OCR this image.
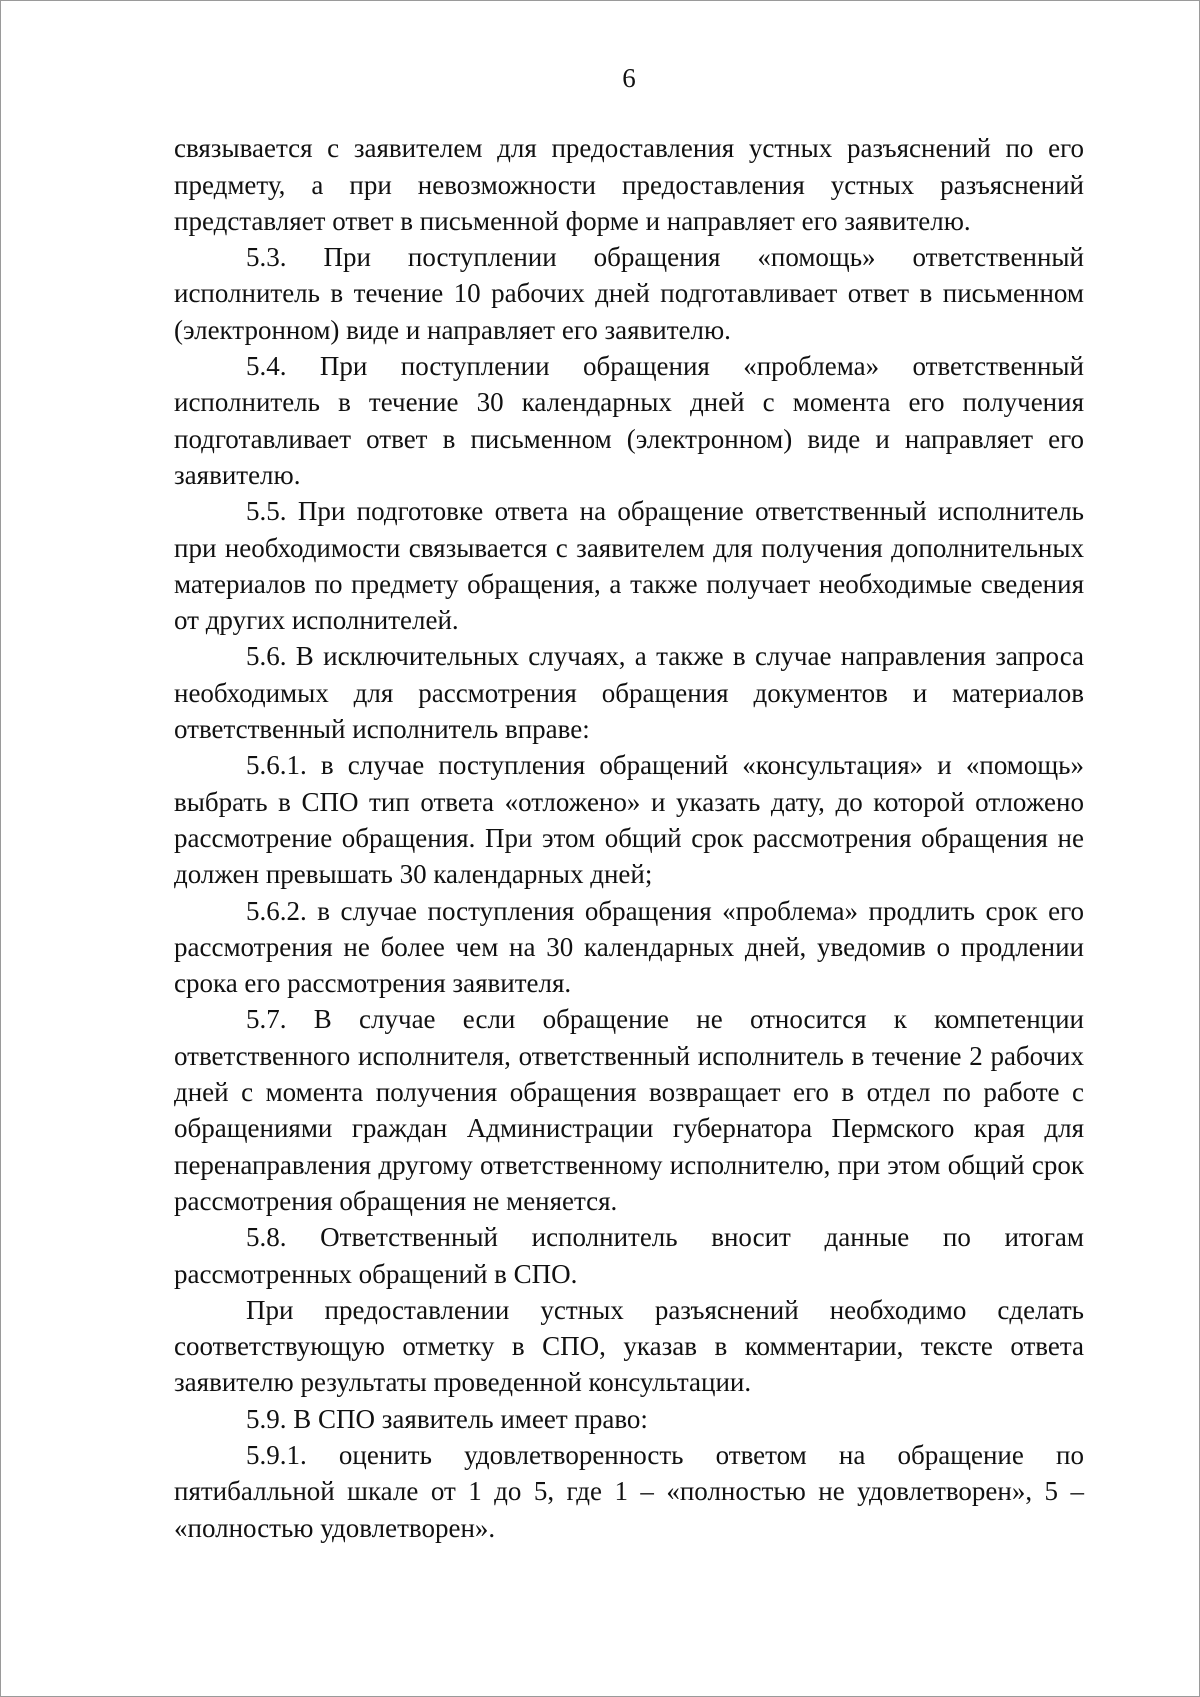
6

связывается с заявителем для предоставления устных разъяснений по его предмету, а при невозможности предоставления устных разъяснений представляет ответ в письменной форме и направляет его заявителю.

5.3. При поступлении обращения «помощь» ответственный исполнитель в течение 10 рабочих дней подготавливает ответ в письменном (электронном) виде и направляет его заявителю.

5.4. При поступлении обращения «проблема» ответственный исполнитель в течение 30 календарных дней с момента его получения подготавливает ответ в письменном (электронном) виде и направляет его заявителю.

5.5. При подготовке ответа на обращение ответственный исполнитель при необходимости связывается с заявителем для получения дополнительных материалов по предмету обращения, а также получает необходимые сведения от других исполнителей.

5.6. В исключительных случаях, а также в случае направления запроса необходимых для рассмотрения обращения документов и материалов ответственный исполнитель вправе:

5.6.1. в случае поступления обращений «консультация» и «помощь» выбрать в СПО тип ответа «отложено» и указать дату, до которой отложено рассмотрение обращения. При этом общий срок рассмотрения обращения не должен превышать 30 календарных дней;

5.6.2. в случае поступления обращения «проблема» продлить срок его рассмотрения не более чем на 30 календарных дней, уведомив о продлении срока его рассмотрения заявителя.

5.7. В случае если обращение не относится к компетенции ответственного исполнителя, ответственный исполнитель в течение 2 рабочих дней с момента получения обращения возвращает его в отдел по работе с обращениями граждан Администрации губернатора Пермского края для перенаправления другому ответственному исполнителю, при этом общий срок рассмотрения обращения не меняется.

5.8. Ответственный исполнитель вносит данные по итогам рассмотренных обращений в СПО.

При предоставлении устных разъяснений необходимо сделать соответствующую отметку в СПО, указав в комментарии, тексте ответа заявителю результаты проведенной консультации.

5.9. В СПО заявитель имеет право:

5.9.1. оценить удовлетворенность ответом на обращение по пятибалльной шкале от 1 до 5, где 1 – «полностью не удовлетворен», 5 – «полностью удовлетворен».
